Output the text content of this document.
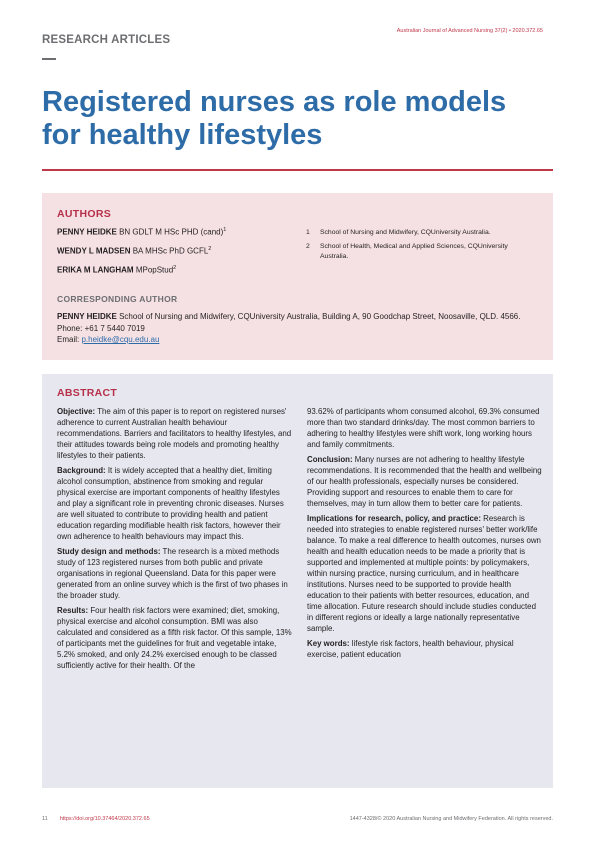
RESEARCH ARTICLES
Australian Journal of Advanced Nursing 37(2) • 2020.372.65
Registered nurses as role models for healthy lifestyles
AUTHORS
PENNY HEIDKE BN GDLT M HSc PHD (cand)$^1$
WENDY L MADSEN BA MHSc PhD GCFL$^2$
ERIKA M LANGHAM MPopStud$^2$
1 School of Nursing and Midwifery, CQUniversity Australia.
2 School of Health, Medical and Applied Sciences, CQUniversity Australia.
CORRESPONDING AUTHOR
PENNY HEIDKE School of Nursing and Midwifery, CQUniversity Australia, Building A, 90 Goodchap Street, Noosaville, QLD. 4566. Phone: +61 7 5440 7019
Email: p.heidke@cqu.edu.au
ABSTRACT

Objective: The aim of this paper is to report on registered nurses' adherence to current Australian health behaviour recommendations. Barriers and facilitators to healthy lifestyles, and their attitudes towards being role models and promoting healthy lifestyles to their patients.

Background: It is widely accepted that a healthy diet, limiting alcohol consumption, abstinence from smoking and regular physical exercise are important components of healthy lifestyles and play a significant role in preventing chronic diseases. Nurses are well situated to contribute to providing health and patient education regarding modifiable health risk factors, however their own adherence to health behaviours may impact this.

Study design and methods: The research is a mixed methods study of 123 registered nurses from both public and private organisations in regional Queensland. Data for this paper were generated from an online survey which is the first of two phases in the broader study.

Results: Four health risk factors were examined; diet, smoking, physical exercise and alcohol consumption. BMI was also calculated and considered as a fifth risk factor. Of this sample, 13% of participants met the guidelines for fruit and vegetable intake, 5.2% smoked, and only 24.2% exercised enough to be classed sufficiently active for their health. Of the

93.62% of participants whom consumed alcohol, 69.3% consumed more than two standard drinks/day. The most common barriers to adhering to healthy lifestyles were shift work, long working hours and family commitments.

Conclusion: Many nurses are not adhering to healthy lifestyle recommendations. It is recommended that the health and wellbeing of our health professionals, especially nurses be considered. Providing support and resources to enable them to care for themselves, may in turn allow them to better care for patients.

Implications for research, policy, and practice: Research is needed into strategies to enable registered nurses' better work/life balance. To make a real difference to health outcomes, nurses own health and health education needs to be made a priority that is supported and implemented at multiple points: by policymakers, within nursing practice, nursing curriculum, and in healthcare institutions. Nurses need to be supported to provide health education to their patients with better resources, education, and time allocation. Future research should include studies conducted in different regions or ideally a large nationally representative sample.

Key words: lifestyle risk factors, health behaviour, physical exercise, patient education

11 https://doi.org/10.37464/2020.372.65	1447-4328/© 2020 Australian Nursing and Midwifery Federation. All rights reserved.
